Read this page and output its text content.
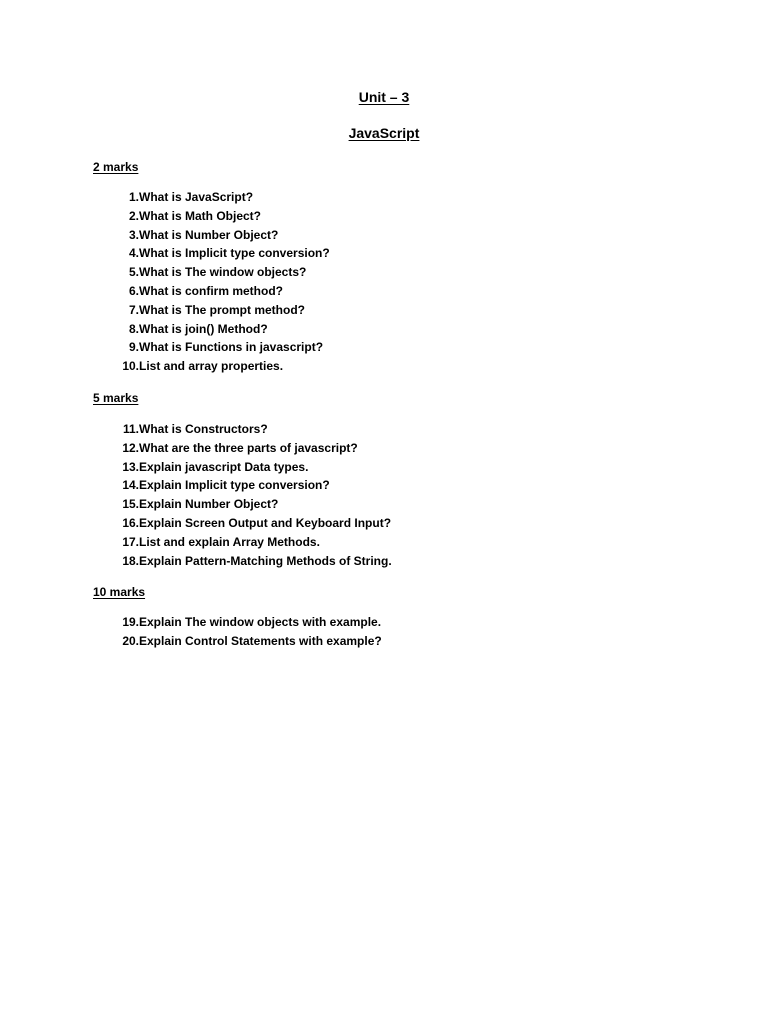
Unit – 3
JavaScript
2 marks
1. What is JavaScript?
2. What is Math Object?
3. What is Number Object?
4. What is Implicit type conversion?
5. What is The window objects?
6. What is confirm method?
7. What is The prompt method?
8. What is join() Method?
9. What is Functions in javascript?
10. List and array properties.
5 marks
11. What is Constructors?
12. What are the three parts of javascript?
13. Explain javascript Data types.
14. Explain Implicit type conversion?
15. Explain Number Object?
16. Explain Screen Output and Keyboard Input?
17. List and explain Array Methods.
18. Explain Pattern-Matching Methods of String.
10 marks
19. Explain The window objects with example.
20. Explain Control Statements with example?
